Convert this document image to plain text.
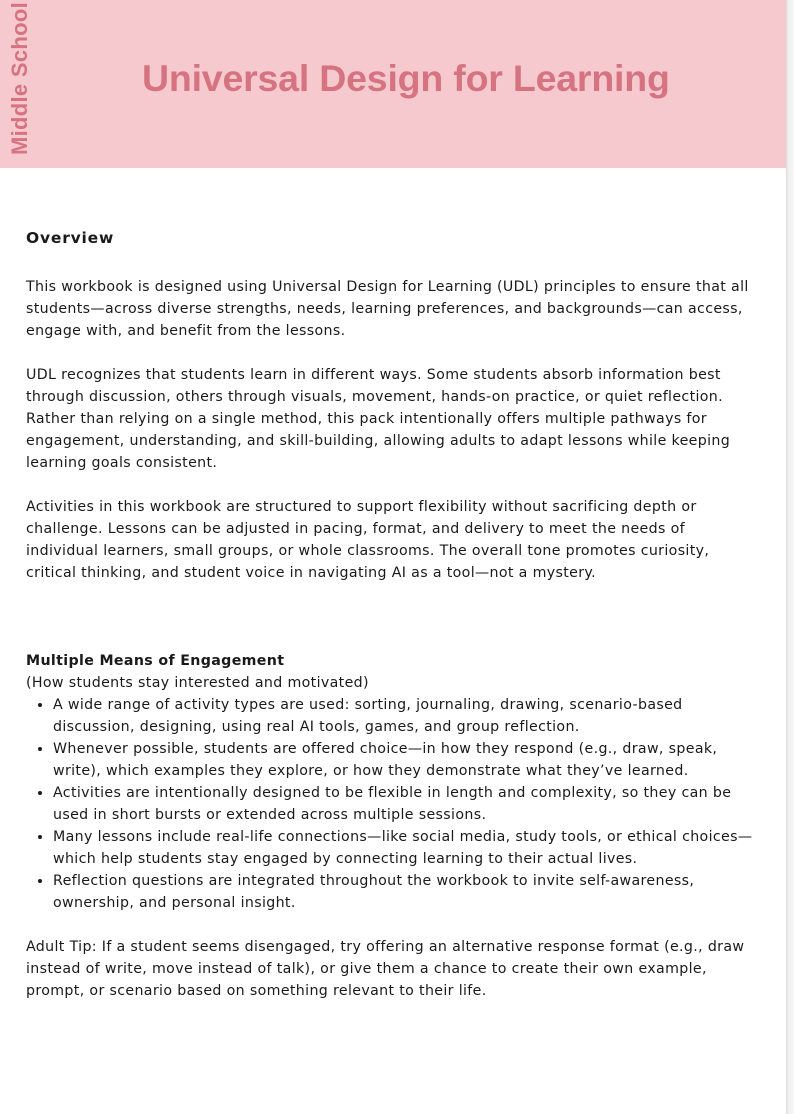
Middle School	Universal Design for Learning
Overview

This workbook is designed using Universal Design for Learning (UDL) principles to ensure that all students—across diverse strengths, needs, learning preferences, and backgrounds—can access, engage with, and benefit from the lessons.

UDL recognizes that students learn in different ways. Some students absorb information best through discussion, others through visuals, movement, hands-on practice, or quiet reflection. Rather than relying on a single method, this pack intentionally offers multiple pathways for engagement, understanding, and skill-building, allowing adults to adapt lessons while keeping learning goals consistent.

Activities in this workbook are structured to support flexibility without sacrificing depth or challenge. Lessons can be adjusted in pacing, format, and delivery to meet the needs of individual learners, small groups, or whole classrooms. The overall tone promotes curiosity, critical thinking, and student voice in navigating AI as a tool—not a mystery.

Multiple Means of Engagement

(How students stay interested and motivated)

• A wide range of activity types are used: sorting, journaling, drawing, scenario-based discussion, designing, using real AI tools, games, and group reflection.
• Whenever possible, students are offered choice—in how they respond (e.g., draw, speak, write), which examples they explore, or how they demonstrate what they’ve learned.
• Activities are intentionally designed to be flexible in length and complexity, so they can be used in short bursts or extended across multiple sessions.
• Many lessons include real-life connections—like social media, study tools, or ethical choices—which help students stay engaged by connecting learning to their actual lives.
• Reflection questions are integrated throughout the workbook to invite self-awareness, ownership, and personal insight.

Adult Tip: If a student seems disengaged, try offering an alternative response format (e.g., draw instead of write, move instead of talk), or give them a chance to create their own example, prompt, or scenario based on something relevant to their life.
